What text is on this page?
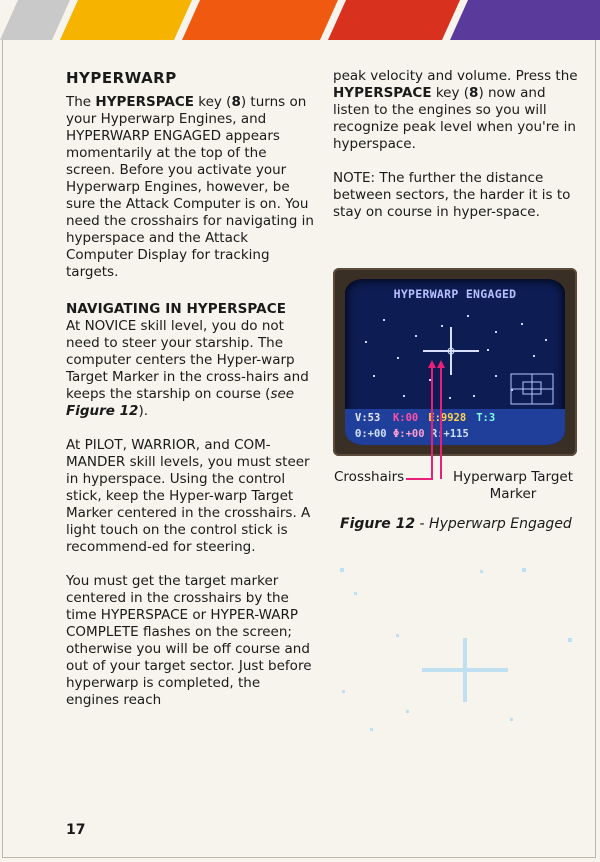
HYPERWARP

The HYPERSPACE key (8) turns on your Hyperwarp Engines, and HYPERWARP ENGAGED appears momentarily at the top of the screen. Before you activate your Hyperwarp Engines, however, be sure the Attack Computer is on. You need the crosshairs for navigating in hyperspace and the Attack Computer Display for tracking targets.

NAVIGATING IN HYPERSPACE

At NOVICE skill level, you do not need to steer your starship. The computer centers the Hyper-warp Target Marker in the cross-hairs and keeps the starship on course (see Figure 12).

At PILOT, WARRIOR, and COM-MANDER skill levels, you must steer in hyperspace. Using the control stick, keep the Hyper-warp Target Marker centered in the crosshairs. A light touch on the control stick is recommend-ed for steering.

You must get the target marker centered in the crosshairs by the time HYPERSPACE or HYPER-WARP COMPLETE flashes on the screen; otherwise you will be off course and out of your target sector. Just before hyperwarp is completed, the engines reach

peak velocity and volume. Press the HYPERSPACE key (8) now and listen to the engines so you will recognize peak level when you're in hyperspace.

NOTE: The further the distance between sectors, the harder it is to stay on course in hyper-space.

HYPERWARP ENGAGED
V:53 K:00 E:9928 T:3
Θ:+00 Φ:+00 R:+115
Crosshairs	Hyperwarp Target
Marker
Figure 12 - Hyperwarp Engaged
17
